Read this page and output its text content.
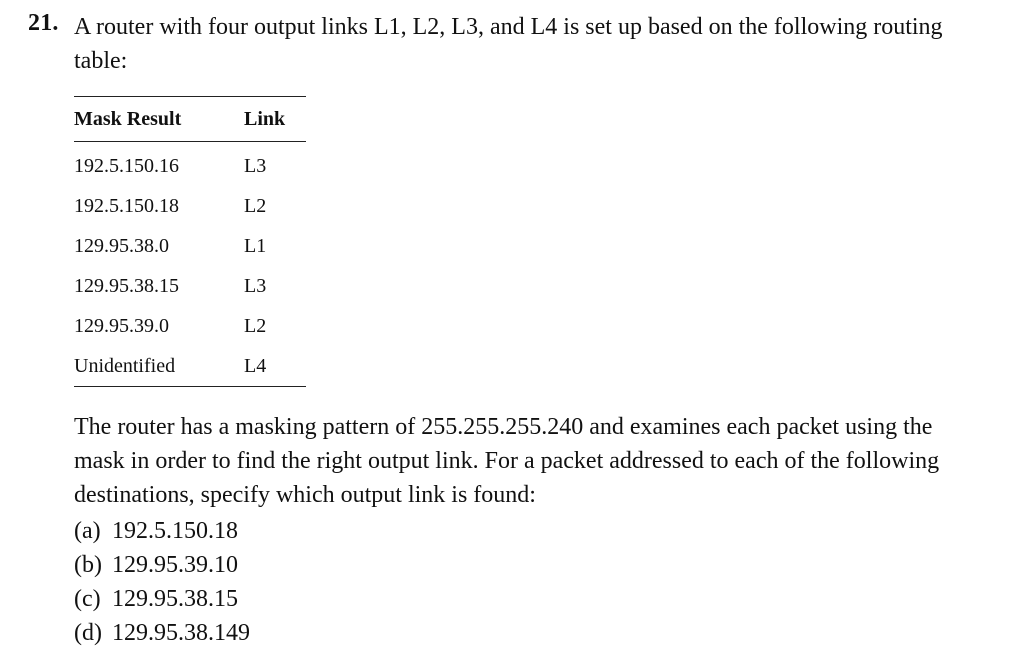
21. A router with four output links L1, L2, L3, and L4 is set up based on the following routing table:
Mask Result	Link
192.5.150.16	L3
192.5.150.18	L2
129.95.38.0	L1
129.95.38.15	L3
129.95.39.0	L2
Unidentified	L4
The router has a masking pattern of 255.255.255.240 and examines each packet using the mask in order to find the right output link. For a packet addressed to each of the following destinations, specify which output link is found:
(a) 192.5.150.18
(b) 129.95.39.10
(c) 129.95.38.15
(d) 129.95.38.149
